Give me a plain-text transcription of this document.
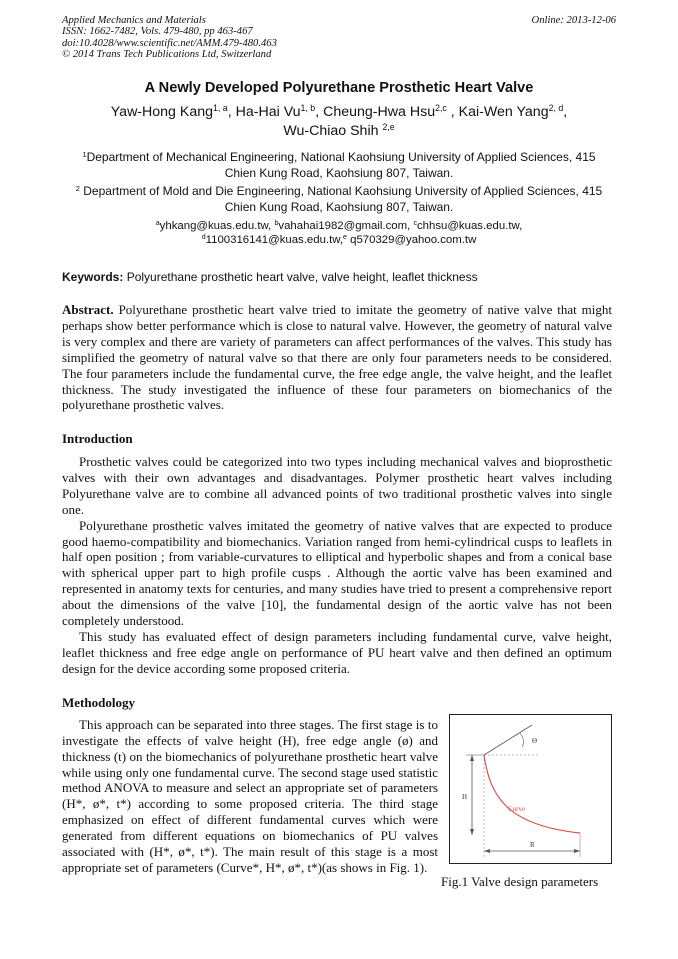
Applied Mechanics and Materials
ISSN: 1662-7482, Vols. 479-480, pp 463-467
doi:10.4028/www.scientific.net/AMM.479-480.463
© 2014 Trans Tech Publications Ltd, Switzerland
Online: 2013-12-06
A Newly Developed Polyurethane Prosthetic Heart Valve
Yaw-Hong Kang$^{1, a}$, Ha-Hai Vu$^{1, b}$, Cheung-Hwa Hsu$^{2,c}$ , Kai-Wen Yang$^{2, d}$,
Wu-Chiao Shih $^{2,e}$
$^1$Department of Mechanical Engineering, National Kaohsiung University of Applied Sciences, 415
Chien Kung Road, Kaohsiung 807, Taiwan.
$^2$ Department of Mold and Die Engineering, National Kaohsiung University of Applied Sciences, 415
Chien Kung Road, Kaohsiung 807, Taiwan.
$^a$yhkang@kuas.edu.tw, $^b$vahahai1982@gmail.com, $^c$chhsu@kuas.edu.tw,
$^d$1100316141@kuas.edu.tw,$^e$ q570329@yahoo.com.tw
Keywords: Polyurethane prosthetic heart valve, valve height, leaflet thickness
Abstract. Polyurethane prosthetic heart valve tried to imitate the geometry of native valve that might perhaps show better performance which is close to natural valve. However, the geometry of natural valve is very complex and there are variety of parameters can affect performances of the valves. This study has simplified the geometry of natural valve so that there are only four parameters needs to be considered. The four parameters include the fundamental curve, the free edge angle, the valve height, and the leaflet thickness. The study investigated the influence of these four parameters on biomechanics of the polyurethane prosthetic valves.
Introduction
Prosthetic valves could be categorized into two types including mechanical valves and bioprosthetic valves with their own advantages and disadvantages. Polymer prosthetic heart valves including Polyurethane valve are to combine all advanced points of two traditional prosthetic valves into single one.
Polyurethane prosthetic valves imitated the geometry of native valves that are expected to produce good haemo-compatibility and biomechanics. Variation ranged from hemi-cylindrical cusps to leaflets in half open position ; from variable-curvatures to elliptical and hyperbolic shapes and from a conical base with spherical upper part to high profile cusps . Although the aortic valve has been examined and represented in anatomy texts for centuries, and many studies have tried to present a comprehensive report about the dimensions of the valve [10], the fundamental design of the aortic valve has not been completely understood.
This study has evaluated effect of design parameters including fundamental curve, valve height, leaflet thickness and free edge angle on performance of PU heart valve and then defined an optimum design for the device according some proposed criteria.
Methodology
This approach can be separated into three stages. The first stage is to investigate the effects of valve height (H), free edge angle (ø) and thickness (t) on the biomechanics of polyurethane prosthetic heart valve while using only one fundamental curve. The second stage used statistic method ANOVA to measure and select an appropriate set of parameters (H*, ø*, t*) according to some proposed criteria. The third stage emphasized on effect of different fundamental curves which were generated from different equations on biomechanics of PU valves associated with (H*, ø*, t*). The main result of this stage is a most appropriate set of parameters (Curve*, H*, ø*, t*)(as shows in Fig. 1).
Θ
H
Curve
R
Fig.1 Valve design parameters
